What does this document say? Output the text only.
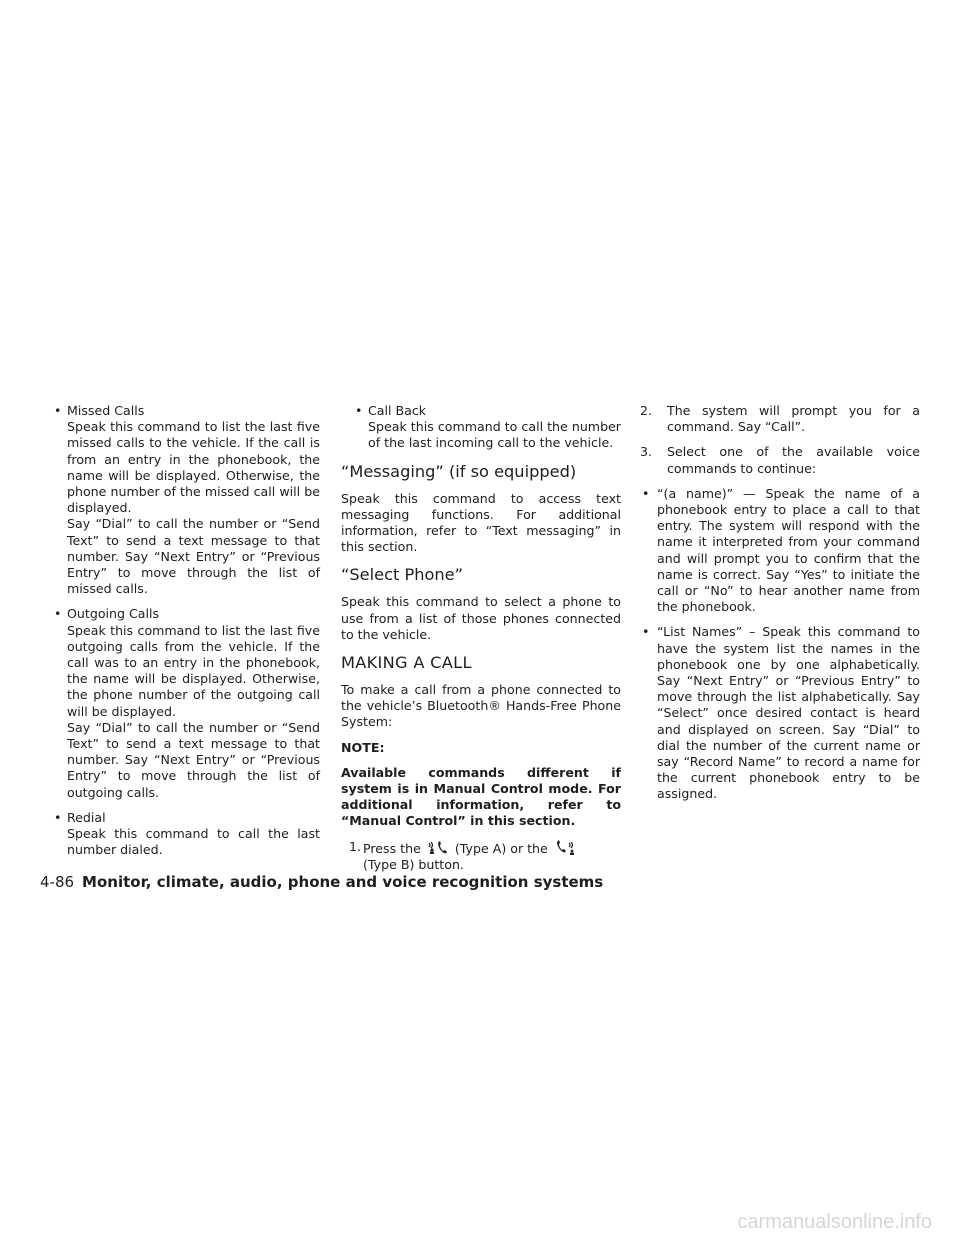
• Missed Calls
Speak this command to list the last five missed calls to the vehicle. If the call is from an entry in the phonebook, the name will be displayed. Otherwise, the phone number of the missed call will be displayed.
Say “Dial” to call the number or “Send Text” to send a text message to that number. Say “Next Entry” or “Previous Entry” to move through the list of missed calls.
• Outgoing Calls
Speak this command to list the last five outgoing calls from the vehicle. If the call was to an entry in the phonebook, the name will be displayed. Otherwise, the phone number of the outgoing call will be displayed.
Say “Dial” to call the number or “Send Text” to send a text message to that number. Say “Next Entry” or “Previous Entry” to move through the list of outgoing calls.
• Redial
Speak this command to call the last number dialed.
• Call Back
Speak this command to call the number of the last incoming call to the vehicle.
“Messaging” (if so equipped)

Speak this command to access text messaging functions. For additional information, refer to “Text messaging” in this section.

“Select Phone”

Speak this command to select a phone to use from a list of those phones connected to the vehicle.

MAKING A CALL

To make a call from a phone connected to the vehicle’s Bluetooth® Hands-Free Phone System:

NOTE:

Available commands different if system is in Manual Control mode. For additional information, refer to “Manual Control” in this section.

1. Press the	(Type A) or the
(Type B) button.
2. The system will prompt you for a command. Say “Call”.
3. Select one of the available voice commands to continue:
• “(a name)” — Speak the name of a phonebook entry to place a call to that entry. The system will respond with the name it interpreted from your command and will prompt you to confirm that the name is correct. Say “Yes” to initiate the call or “No” to hear another name from the phonebook.
• “List Names” – Speak this command to have the system list the names in the phonebook one by one alphabetically. Say “Next Entry” or “Previous Entry” to move through the list alphabetically. Say “Select” once desired contact is heard and displayed on screen. Say “Dial” to dial the number of the current name or say “Record Name” to record a name for the current phonebook entry to be assigned.
4-86 Monitor, climate, audio, phone and voice recognition systems
carmanualsonline.info
